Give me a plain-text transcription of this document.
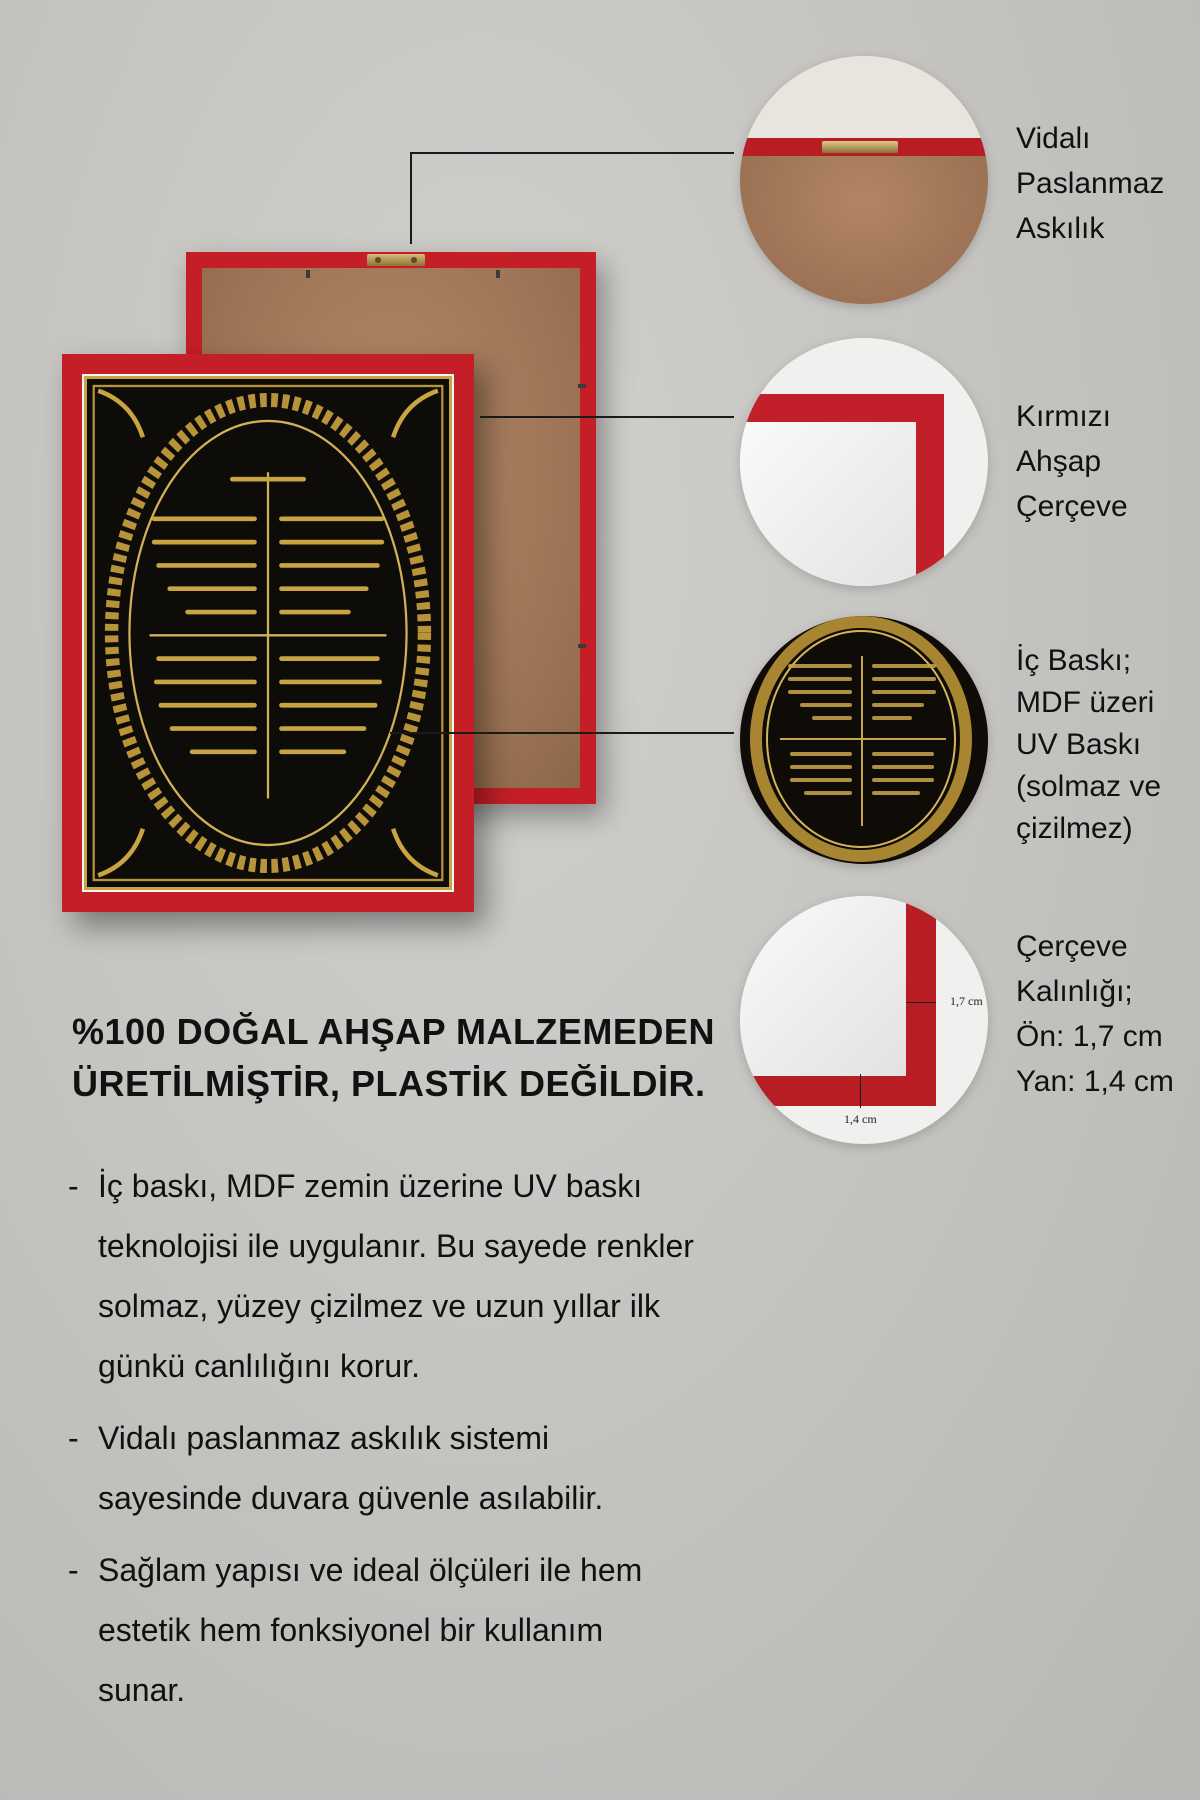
1,4 cm
1,7 cm
Vidalı
Paslanmaz
Askılık
Kırmızı
Ahşap
Çerçeve
İç Baskı;
MDF üzeri
UV Baskı
(solmaz ve
çizilmez)
Çerçeve
Kalınlığı;
Ön: 1,7 cm
Yan: 1,4 cm
%100 DOĞAL AHŞAP MALZEMEDEN
ÜRETİLMİŞTİR, PLASTİK DEĞİLDİR.
- İç baskı, MDF zemin üzerine UV baskı
teknolojisi ile uygulanır. Bu sayede renkler
solmaz, yüzey çizilmez ve uzun yıllar ilk
günkü canlılığını korur.
- Vidalı paslanmaz askılık sistemi
sayesinde duvara güvenle asılabilir.
- Sağlam yapısı ve ideal ölçüleri ile hem
estetik hem fonksiyonel bir kullanım
sunar.
